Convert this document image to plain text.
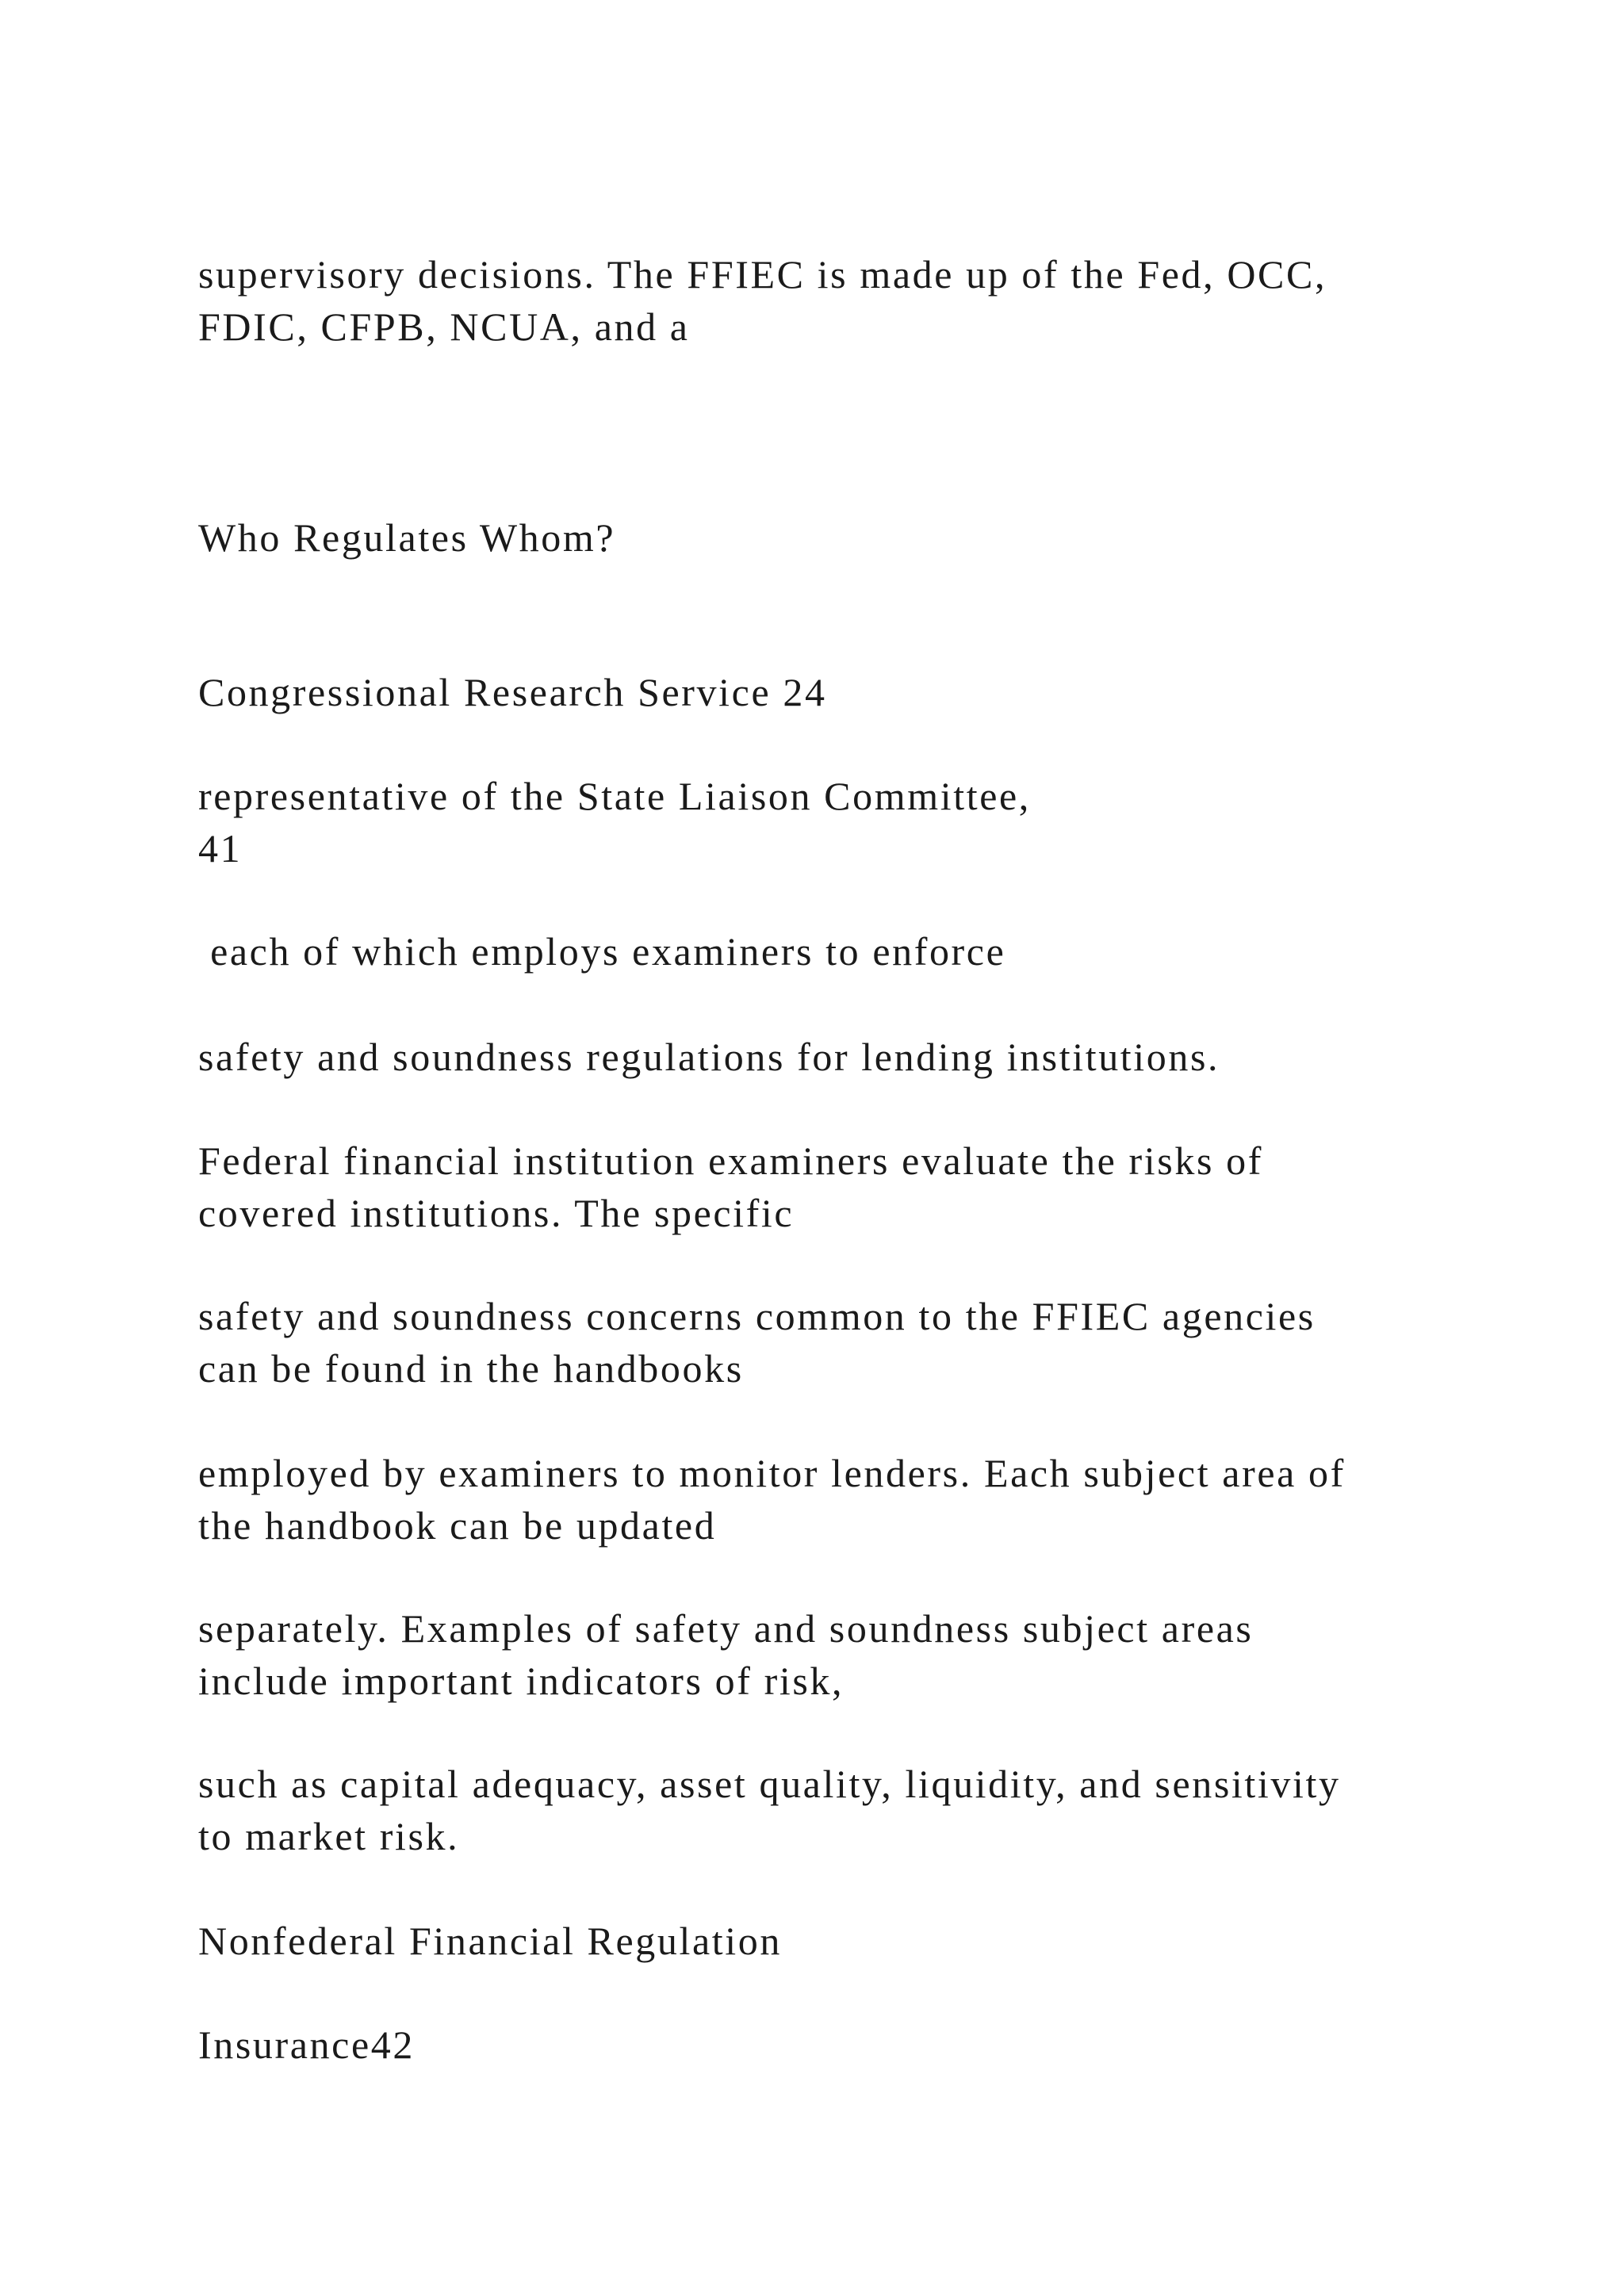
supervisory decisions. The FFIEC is made up of the Fed, OCC,
FDIC, CFPB, NCUA, and a

Who Regulates Whom?

Congressional Research Service 24

representative of the State Liaison Committee,
41

each of which employs examiners to enforce

safety and soundness regulations for lending institutions.

Federal financial institution examiners evaluate the risks of
covered institutions. The specific

safety and soundness concerns common to the FFIEC agencies
can be found in the handbooks

employed by examiners to monitor lenders. Each subject area of
the handbook can be updated

separately. Examples of safety and soundness subject areas
include important indicators of risk,

such as capital adequacy, asset quality, liquidity, and sensitivity
to market risk.

Nonfederal Financial Regulation

Insurance42
